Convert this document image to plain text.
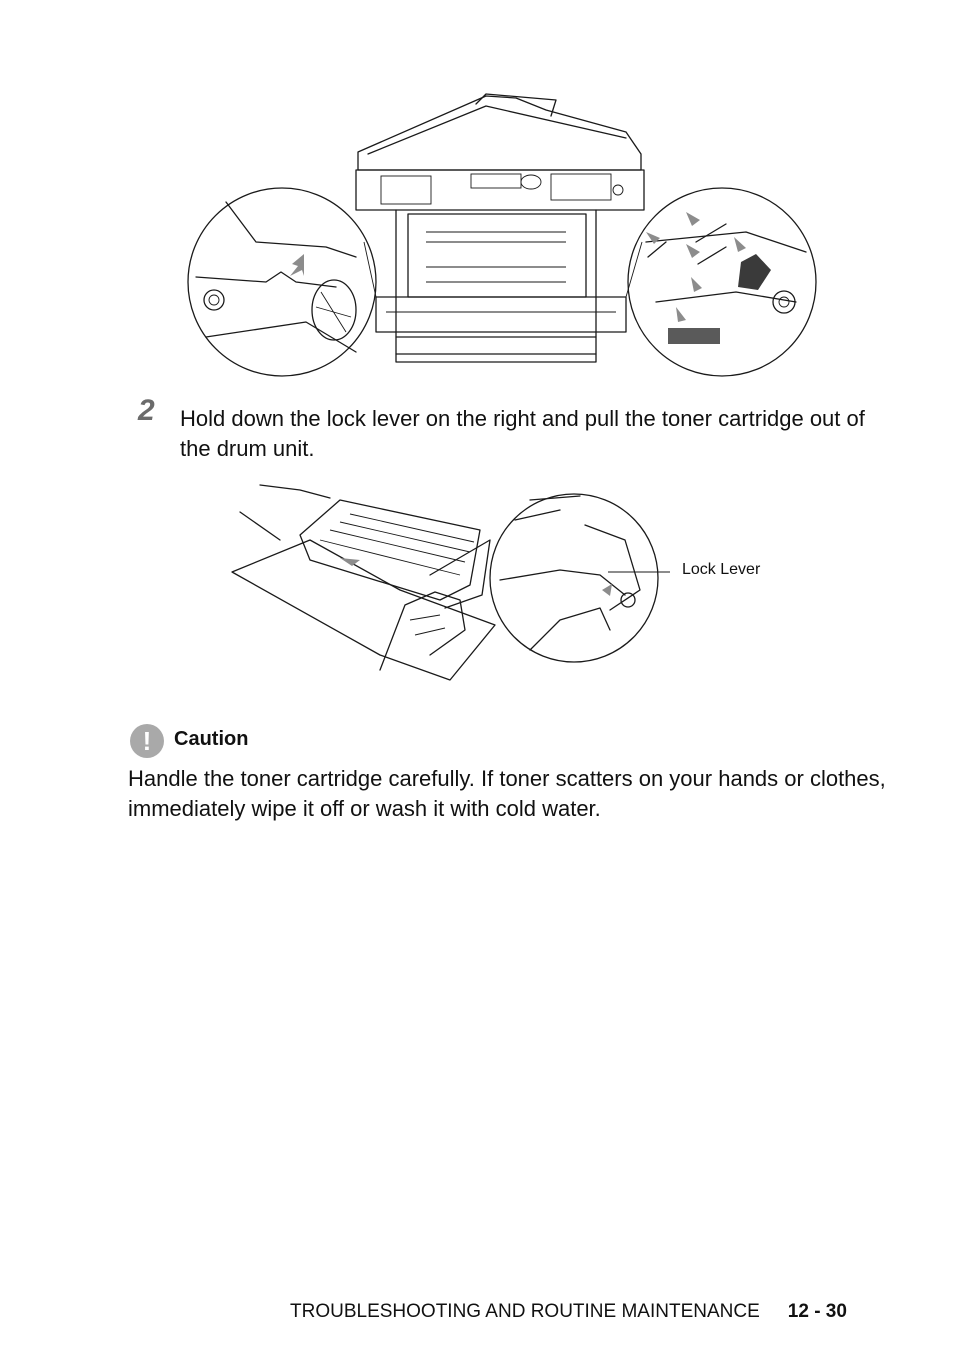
2 Hold down the lock lever on the right and pull the toner cartridge out of the drum unit.
Lock Lever
!	Caution
Handle the toner cartridge carefully. If toner scatters on your hands or clothes, immediately wipe it off or wash it with cold water.
TROUBLESHOOTING AND ROUTINE MAINTENANCE 12 - 30
